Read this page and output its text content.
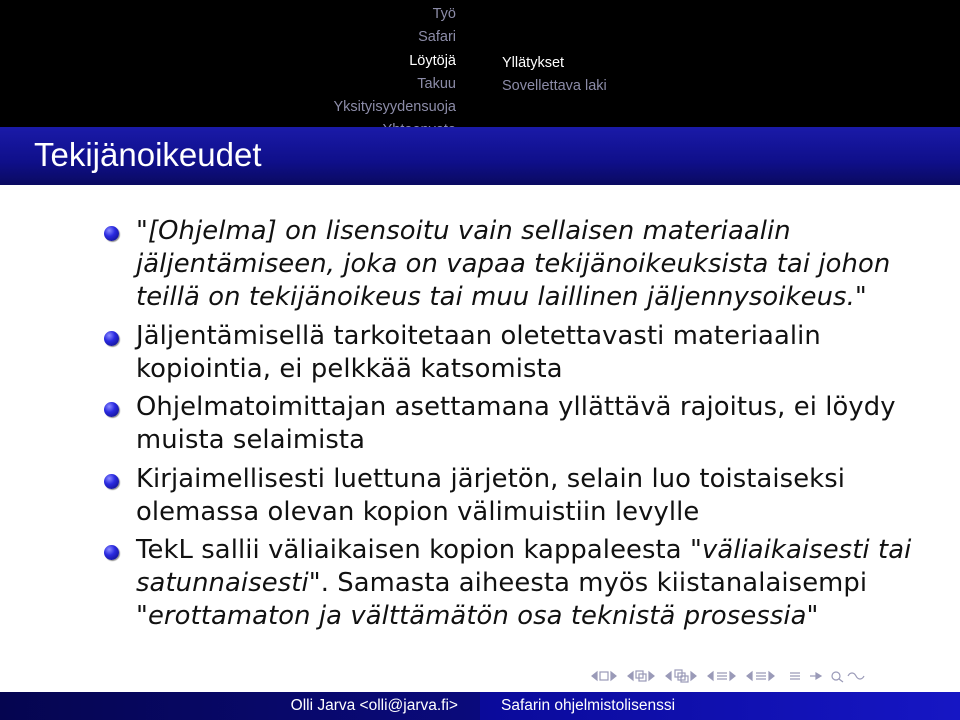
Työ
Safari
Löytöjä
Takuu
Yksityisyydensuoja
Yllätykset
Sovellettava laki
Tekijänoikeudet
"[Ohjelma] on lisensoitu vain sellaisen materiaalin jäljentämiseen, joka on vapaa tekijänoikeuksista tai johon teillä on tekijänoikeus tai muu laillinen jäljennysoikeus."
Jäljentämisellä tarkoitetaan oletettavasti materiaalin kopiointia, ei pelkkää katsomista
Ohjelmatoimittajan asettamana yllättävä rajoitus, ei löydy muista selaimista
Kirjaimellisesti luettuna järjetön, selain luo toistaiseksi olemassa olevan kopion välimuistiin levylle
TekL sallii väliaikaisen kopion kappaleesta "väliaikaisesti tai satunnaisesti". Samasta aiheesta myös kiistanalaisempi "erottamaton ja välttämätön osa teknistä prosessia"
Olli Jarva <olli@jarva.fi>	Safarin ohjelmistolisenssi
